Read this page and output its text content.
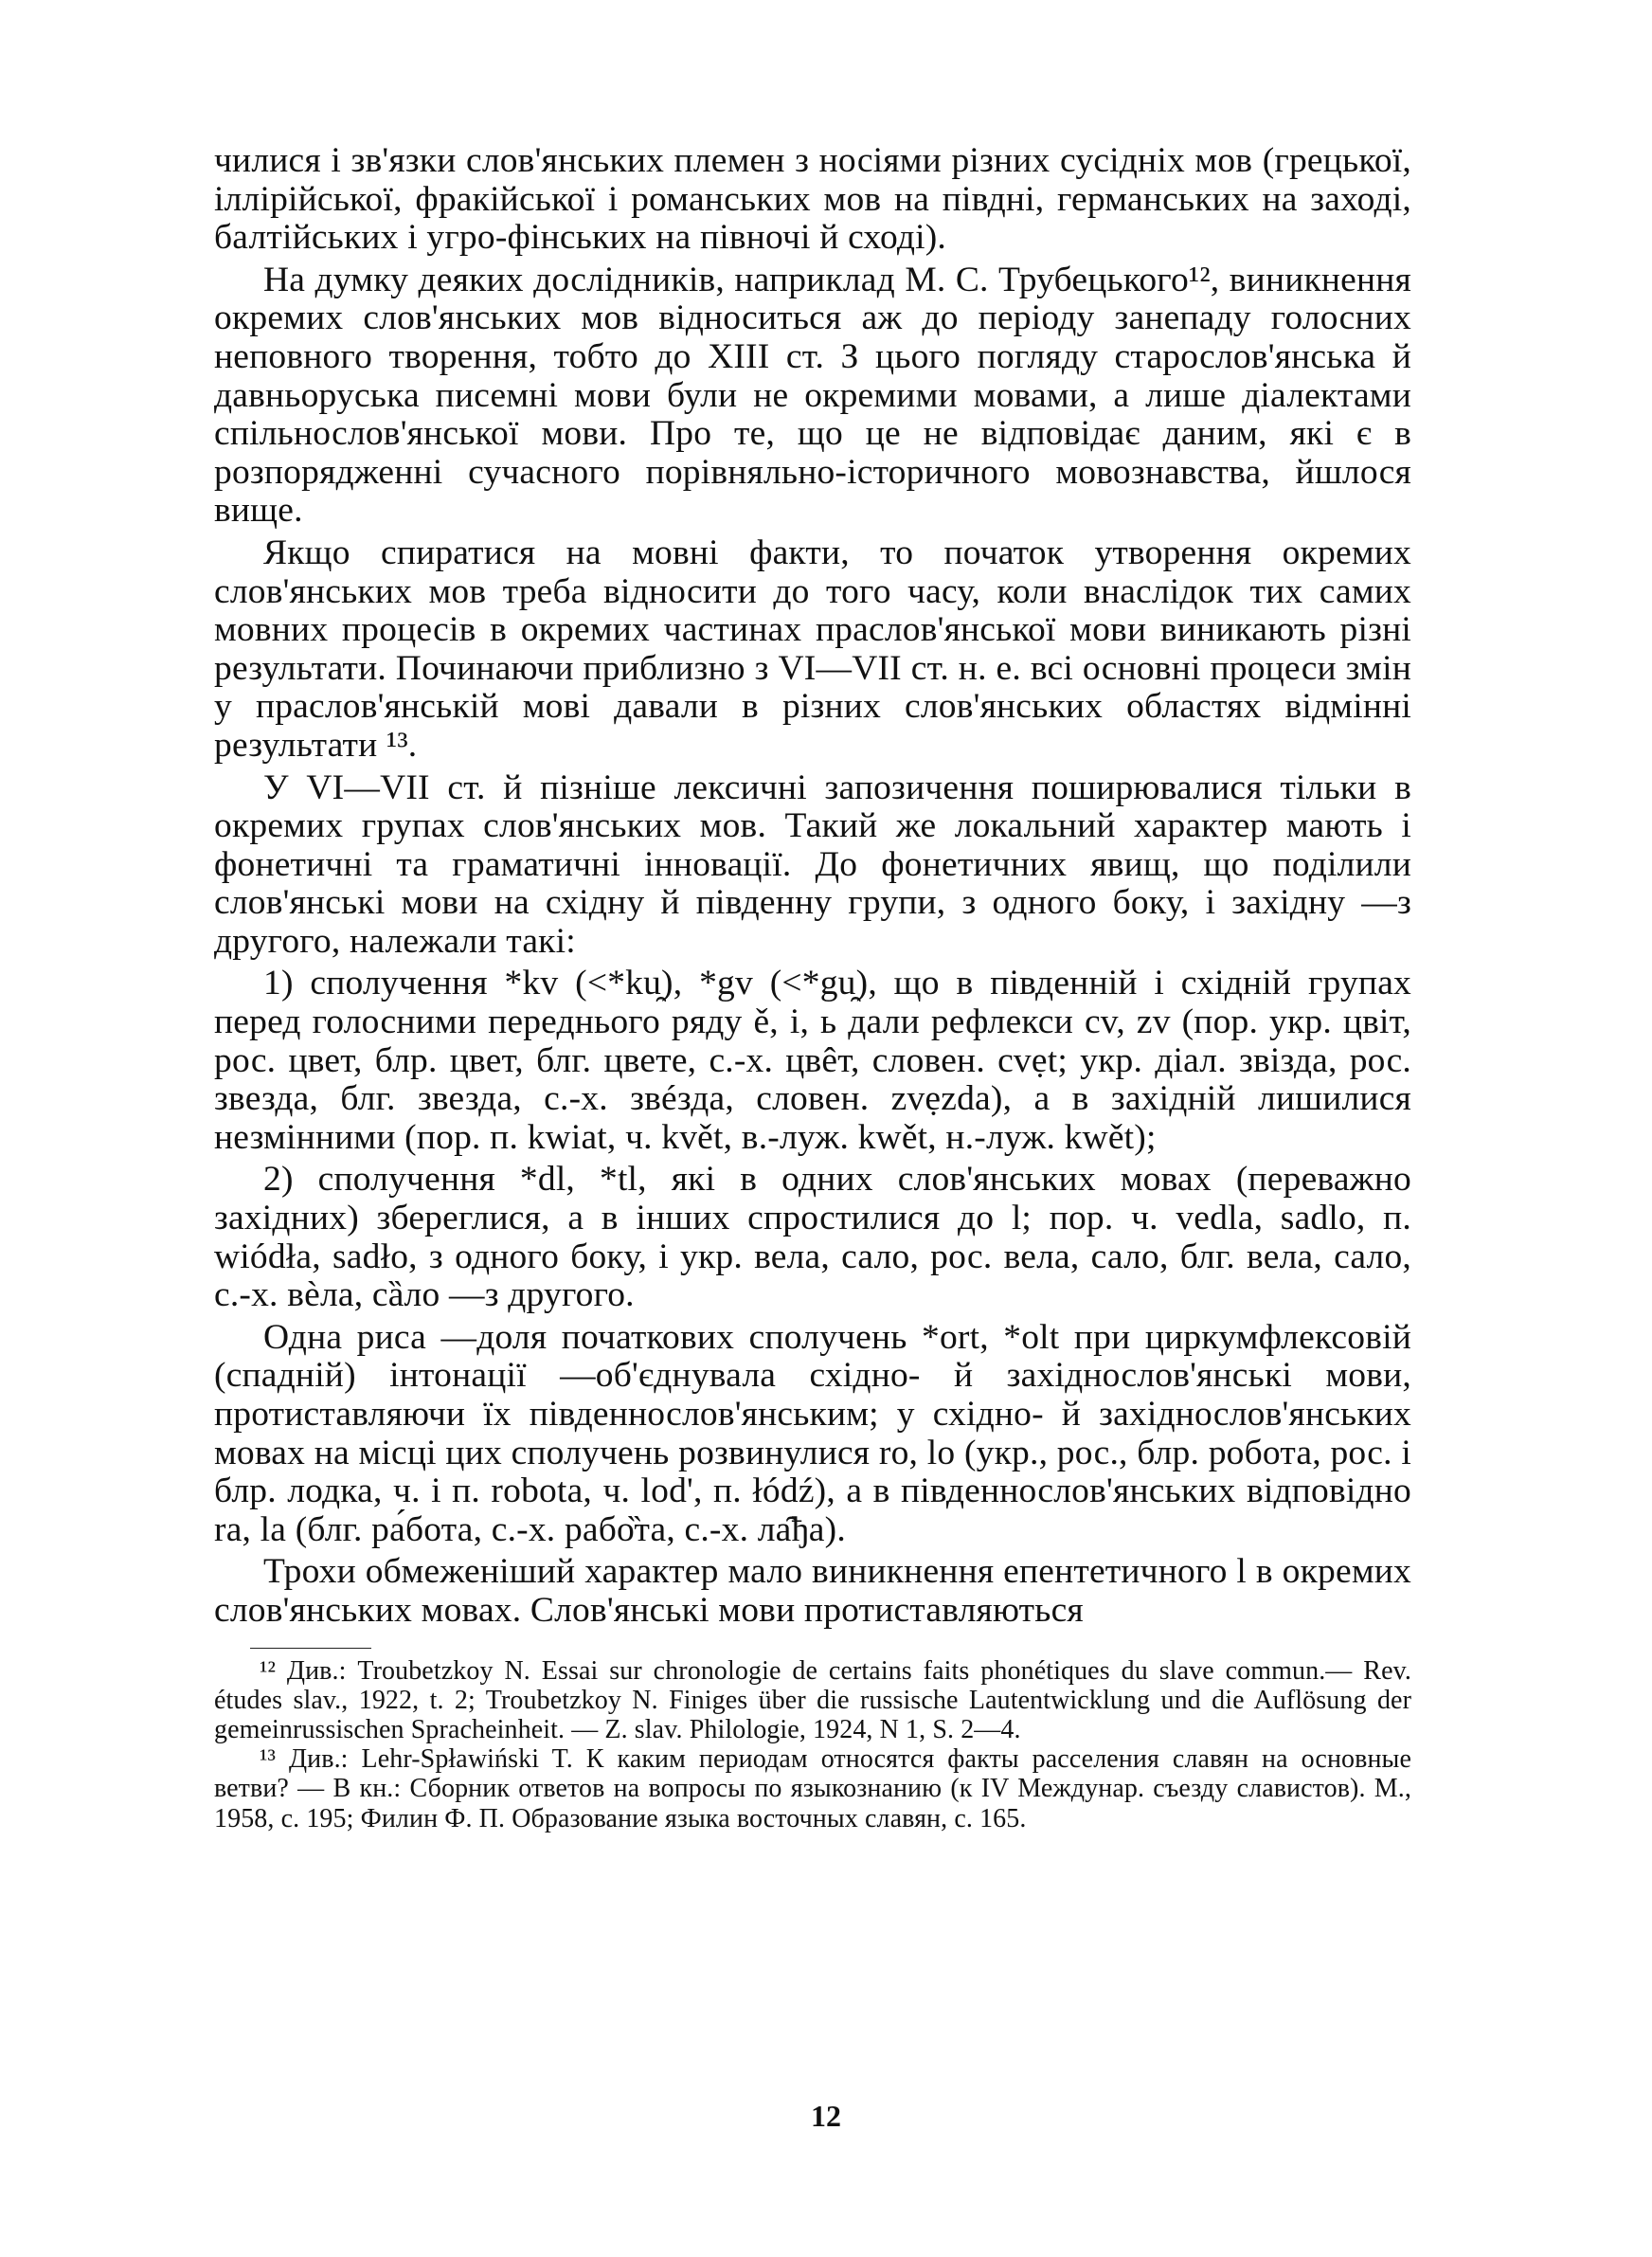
чилися і зв'язки слов'янських племен з носіями різних сусідніх мов (грецької, іллірійської, фракійської і романських мов на півдні, германських на заході, балтійських і угро-фінських на півночі й сході).

На думку деяких дослідників, наприклад М. С. Трубецького¹², виникнення окремих слов'янських мов відноситься аж до періоду занепаду голосних неповного творення, тобто до XIII ст. З цього погляду старослов'янська й давньоруська писемні мови були не окремими мовами, а лише діалектами спільнослов'янської мови. Про те, що це не відповідає даним, які є в розпорядженні сучасного порівняльно-історичного мовознавства, йшлося вище.

Якщо спиратися на мовні факти, то початок утворення окремих слов'янських мов треба відносити до того часу, коли внаслідок тих самих мовних процесів в окремих частинах праслов'янської мови виникають різні результати. Починаючи приблизно з VI—VII ст. н. е. всі основні процеси змін у праслов'янській мові давали в різних слов'янських областях відмінні результати ¹³.

У VI—VII ст. й пізніше лексичні запозичення поширювалися тільки в окремих групах слов'янських мов. Такий же локальний характер мають і фонетичні та граматичні інновації. До фонетичних явищ, що поділили слов'янські мови на східну й південну групи, з одного боку, і західну —з другого, належали такі:

1) сполучення *kv (<*ku̯), *gv (<*gu̯), що в південній і східній групах перед голосними переднього ряду ě, i, ь дали рефлекси cv, zv (пор. укр. цвіт, рос. цвет, блр. цвет, блг. цвете, с.-х. цвêт, словен. cvẹt; укр. діал. звізда, рос. звезда, блг. звезда, с.-х. звéзда, словен. zvẹzda), а в західній лишилися незмінними (пор. п. kwiat, ч. květ, в.-луж. kwět, н.-луж. kwět);

2) сполучення *dl, *tl, які в одних слов'янських мовах (переважно західних) збереглися, а в інших спростилися до l; пор. ч. vedla, sadlo, п. wiódła, sadło, з одного боку, і укр. вела, сало, рос. вела, сало, блг. вела, сало, с.-х. вѐла, сȁло —з другого.

Одна риса —доля початкових сполучень *ort, *olt при циркумфлексовій (спадній) інтонації —об'єднувала східно- й західнослов'янські мови, протиставляючи їх південнослов'янським; у східно- й західнослов'янських мовах на місці цих сполучень розвинулися ro, lo (укр., рос., блр. робота, рос. і блр. лодка, ч. і п. robota, ч. lod', п. łódź), а в південнослов'янських відповідно ra, la (блг. ра́бота, с.-х. рабо̏та, с.-х. ла̑ђа).

Трохи обмеженіший характер мало виникнення епентетичного l в окремих слов'янських мовах. Слов'янські мови протиставляються

¹² Див.: Troubetzkoy N. Essai sur chronologie de certains faits phonétiques du slave commun.— Rev. études slav., 1922, t. 2; Troubetzkoy N. Finiges über die russische Lautentwicklung und die Auflösung der gemeinrussischen Spracheinheit. — Z. slav. Philologie, 1924, N 1, S. 2—4.

¹³ Див.: Lehr-Spławiński T. К каким периодам относятся факты расселения славян на основные ветви? — В кн.: Сборник ответов на вопросы по языкознанию (к IV Междунар. съезду славистов). М., 1958, с. 195; Филин Ф. П. Образование языка восточных славян, с. 165.

12
